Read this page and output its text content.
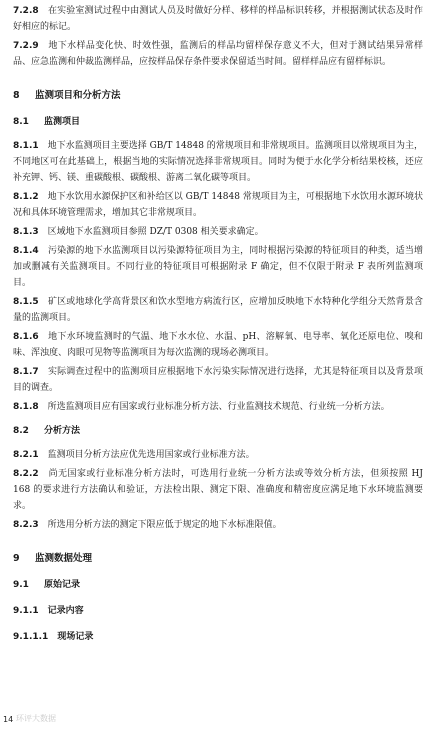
7.2.8　 在实验室测试过程中由测试人员及时做好分样、移样的样品标识转移，并根据测试状态及时作好相应的标记。

7.2.9　 地下水样品变化快、时效性强，监测后的样品均留样保存意义不大，但对于测试结果异常样品、应急监测和仲裁监测样品，应按样品保存条件要求保留适当时间。留样样品应有留样标识。

8 监测项目和分析方法
8.1　 监测项目

8.1.1　 地下水监测项目主要选择 GB/T 14848 的常规项目和非常规项目。监测项目以常规项目为主，不同地区可在此基础上，根据当地的实际情况选择非常规项目。同时为便于水化学分析结果校核，还应补充钾、钙、镁、重碳酸根、碳酸根、游离二氧化碳等项目。

8.1.2　 地下水饮用水源保护区和补给区以 GB/T 14848 常规项目为主，可根据地下水饮用水源环境状况和具体环境管理需求，增加其它非常规项目。

8.1.3　 区域地下水监测项目参照 DZ/T 0308 相关要求确定。

8.1.4　 污染源的地下水监测项目以污染源特征项目为主，同时根据污染源的特征项目的种类，适当增加或删减有关监测项目。不同行业的特征项目可根据附录 F 确定，但不仅限于附录 F 表所列监测项目。

8.1.5　 矿区或地球化学高背景区和饮水型地方病流行区，应增加反映地下水特种化学组分天然背景含量的监测项目。

8.1.6　 地下水环境监测时的气温、地下水水位、水温、pH、溶解氧、电导率、氧化还原电位、嗅和味、浑浊度、肉眼可见物等监测项目为每次监测的现场必测项目。

8.1.7　 实际调查过程中的监测项目应根据地下水污染实际情况进行选择，尤其是特征项目以及背景项目的调查。

8.1.8　 所选监测项目应有国家或行业标准分析方法、行业监测技术规范、行业统一分析方法。

8.2　 分析方法

8.2.1　 监测项目分析方法应优先选用国家或行业标准方法。

8.2.2　 尚无国家或行业标准分析方法时，可选用行业统一分析方法或等效分析方法，但须按照 HJ 168 的要求进行方法确认和验证，方法检出限、测定下限、准确度和精密度应满足地下水环境监测要求。

8.2.3　 所选用分析方法的测定下限应低于规定的地下水标准限值。

9 监测数据处理
9.1　 原始记录
9.1.1　 记录内容
9.1.1.1　 现场记录
14 环评大数据
